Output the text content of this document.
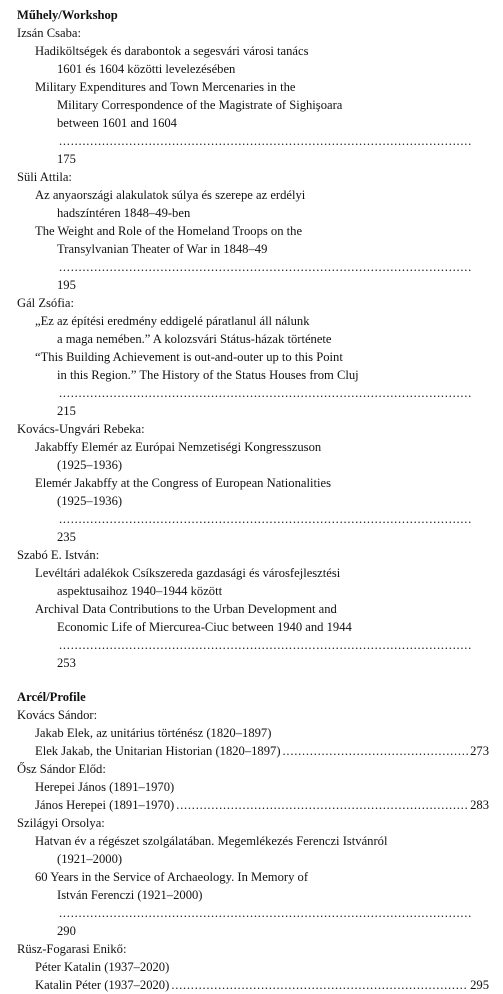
Műhely/Workshop
Izsán Csaba:
Hadiköltségek és darabontok a segesvári városi tanács
1601 és 1604 közötti levelezésében
Military Expenditures and Town Mercenaries in the
Military Correspondence of the Magistrate of Sighişoara
between 1601 and 1604 . . . 175
Süli Attila:
Az anyaországi alakulatok súlya és szerepe az erdélyi
hadszíntéren 1848–49-ben
The Weight and Role of the Homeland Troops on the
Transylvanian Theater of War in 1848–49 . . . 195
Gál Zsófia:
„Ez az építési eredmény eddigelé páratlanul áll nálunk
a maga nemében.” A kolozsvári Státus-házak története
“This Building Achievement is out-and-outer up to this Point
in this Region.” The History of the Status Houses from Cluj . . . 215
Kovács-Ungvári Rebeka:
Jakabffy Elemér az Európai Nemzetiségi Kongresszuson
(1925–1936)
Elemér Jakabffy at the Congress of European Nationalities
(1925–1936) . . . 235
Szabó E. István:
Levéltári adalékok Csíkszereda gazdasági és városfejlesztési
aspektusaihoz 1940–1944 között
Archival Data Contributions to the Urban Development and
Economic Life of Miercurea-Ciuc between 1940 and 1944 . . . 253
Arcél/Profile
Kovács Sándor:
Jakab Elek, az unitárius történész (1820–1897)
Elek Jakab, the Unitarian Historian (1820–1897) . . .	273
Ősz Sándor Előd:
Herepei János (1891–1970)
János Herepei (1891–1970) . . .	283
Szilágyi Orsolya:
Hatvan év a régészet szolgálatában. Megemlékezés Ferenczi Istvánról
(1921–2000)
60 Years in the Service of Archaeology. In Memory of
István Ferenczi (1921–2000) . . . 290
Rüsz-Fogarasi Enikő:
Péter Katalin (1937–2020)
Katalin Péter (1937–2020) . . .	295
